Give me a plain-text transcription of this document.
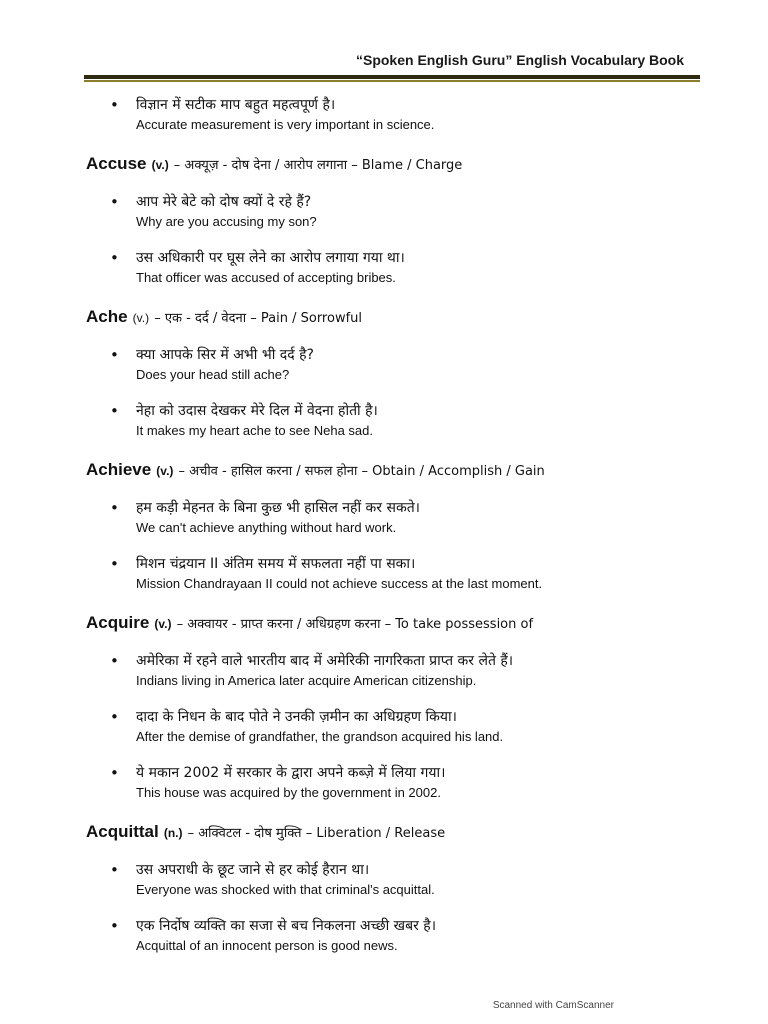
“Spoken English Guru” English Vocabulary Book
• विज्ञान में सटीक माप बहुत महत्वपूर्ण है।
Accurate measurement is very important in science.
Accuse (v.) – अक्यूज़ - दोष देना / आरोप लगाना – Blame / Charge
• आप मेरे बेटे को दोष क्यों दे रहे हैं?
Why are you accusing my son?
• उस अधिकारी पर घूस लेने का आरोप लगाया गया था।
That officer was accused of accepting bribes.
Ache (v.) – एक - दर्द / वेदना – Pain / Sorrowful
• क्या आपके सिर में अभी भी दर्द है?
Does your head still ache?
• नेहा को उदास देखकर मेरे दिल में वेदना होती है।
It makes my heart ache to see Neha sad.
Achieve (v.) – अचीव - हासिल करना / सफल होना – Obtain / Accomplish / Gain
• हम कड़ी मेहनत के बिना कुछ भी हासिल नहीं कर सकते।
We can't achieve anything without hard work.
• मिशन चंद्रयान II अंतिम समय में सफलता नहीं पा सका।
Mission Chandrayaan II could not achieve success at the last moment.
Acquire (v.) – अक्वायर - प्राप्त करना / अधिग्रहण करना – To take possession of
• अमेरिका में रहने वाले भारतीय बाद में अमेरिकी नागरिकता प्राप्त कर लेते हैं।
Indians living in America later acquire American citizenship.
• दादा के निधन के बाद पोते ने उनकी ज़मीन का अधिग्रहण किया।
After the demise of grandfather, the grandson acquired his land.
• ये मकान 2002 में सरकार के द्वारा अपने कब्ज़े में लिया गया।
This house was acquired by the government in 2002.
Acquittal (n.) – अक्विटल - दोष मुक्ति – Liberation / Release
• उस अपराधी के छूट जाने से हर कोई हैरान था।
Everyone was shocked with that criminal's acquittal.
• एक निर्दोष व्यक्ति का सजा से बच निकलना अच्छी खबर है।
Acquittal of an innocent person is good news.
Scanned with CamScanner
